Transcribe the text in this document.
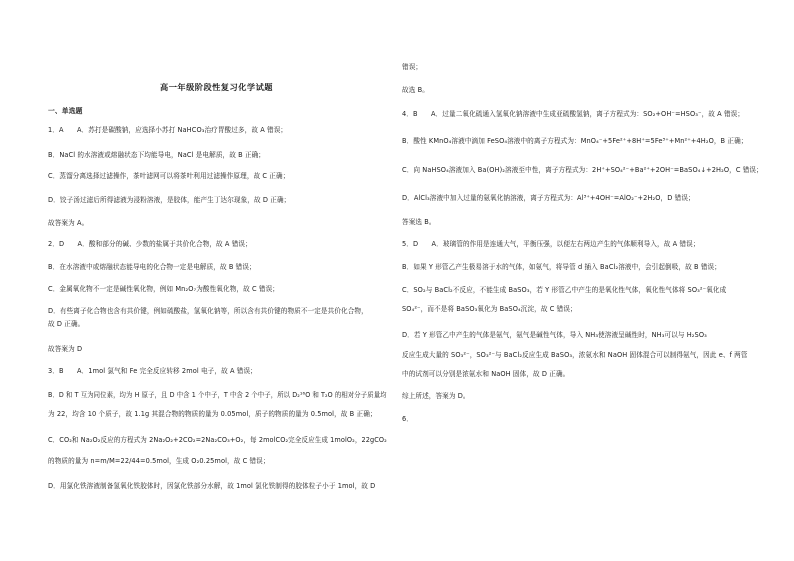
高一年级阶段性复习化学试题
一、单选题
1．A　　A．苏打是碳酸钠，应选择小苏打 NaHCO₃治疗胃酸过多，故 A 错误；
B．NaCl 的水溶液或熔融状态下均能导电，NaCl 是电解质，故 B 正确；
C．蒸馏分离选择过滤操作，茶叶滤网可以将茶叶利用过滤操作原理，故 C 正确；
D．饺子汤过滤后所得滤液为浸粉溶液，是胶体，能产生丁达尔现象，故 D 正确；
故答案为 A。
2．D　　A．酸和部分的碱、少数的盐属于共价化合物，故 A 错误；
B．在水溶液中或熔融状态能导电的化合物一定是电解质，故 B 错误；
C．金属氧化物不一定是碱性氧化物，例如 Mn₂O₇为酸性氧化物，故 C 错误；
D．有些离子化合物也含有共价键，例如硫酸盐，氢氧化钠等，所以含有共价键的物质不一定是共价化合物，
故 D 正确。
故答案为 D
3．B　　A．1mol 氯气和 Fe 完全反应转移 2mol 电子，故 A 错误；
B．D 和 T 互为同位素，均为 H 原子，且 D 中含 1 个中子，T 中含 2 个中子，所以 D₂¹⁶O 和 T₂O 的相对分子质量均
为 22，均含 10 个质子，故 1.1g 其混合物的物质的量为 0.05mol，质子的物质的量为 0.5mol，故 B 正确；
C．CO₂和 Na₂O₂反应的方程式为 2Na₂O₂+2CO₂=2Na₂CO₃+O₂，每 2molCO₂完全反应生成 1molO₂，22gCO₂
的物质的量为 n=m/M=22/44=0.5mol，生成 O₂0.25mol，故 C 错误；
D．用氯化铁溶液制备氢氧化铁胶体时，因氯化铁部分水解，故 1mol 氯化铁制得的胶体粒子小于 1mol，故 D
错误；
故选 B。
4．B　　A．过量二氧化硫通入氢氧化钠溶液中生成亚硫酸氢钠，离子方程式为：SO₂+OH⁻=HSO₃⁻，故 A 错误；
B．酸性 KMnO₄溶液中滴加 FeSO₄溶液中的离子方程式为：MnO₄⁻+5Fe²⁺+8H⁺=5Fe³⁺+Mn²⁺+4H₂O，B 正确；
C．向 NaHSO₄溶液加入 Ba(OH)₂溶液至中性，离子方程式为：2H⁺+SO₄²⁻+Ba²⁺+2OH⁻=BaSO₄↓+2H₂O，C 错误；
D．AlCl₃溶液中加入过量的氨氧化钠溶液，离子方程式为：Al³⁺+4OH⁻=AlO₂⁻+2H₂O，D 错误；
答案选 B。
5．D　　A．玻璃管的作用是连通大气，平衡压强，以便左右两边产生的气体顺利导入，故 A 错误；
B．如果 Y 形管乙产生极易溶于水的气体，如氨气，将导管 d 插入 BaCl₂溶液中，会引起倒吸，故 B 错误；
C．SO₂与 BaCl₂不反应，不能生成 BaSO₃，若 Y 形管乙中产生的是氧化性气体，氧化性气体将 SO₃²⁻氧化成
SO₄²⁻，而不是将 BaSO₃氧化为 BaSO₄沉淀，故 C 错误；
D．若 Y 形管乙中产生的气体是氨气，氨气是碱性气体，导入 NH₃使溶液呈碱性时，NH₃可以与 H₂SO₃
反应生成大量的 SO₃²⁻，SO₃²⁻与 BaCl₂反应生成 BaSO₃，浓氨水和 NaOH 固体混合可以制得氨气，因此 e、f 两管
中的试剂可以分别是浓氨水和 NaOH 固体，故 D 正确。
综上所述，答案为 D。
6．
